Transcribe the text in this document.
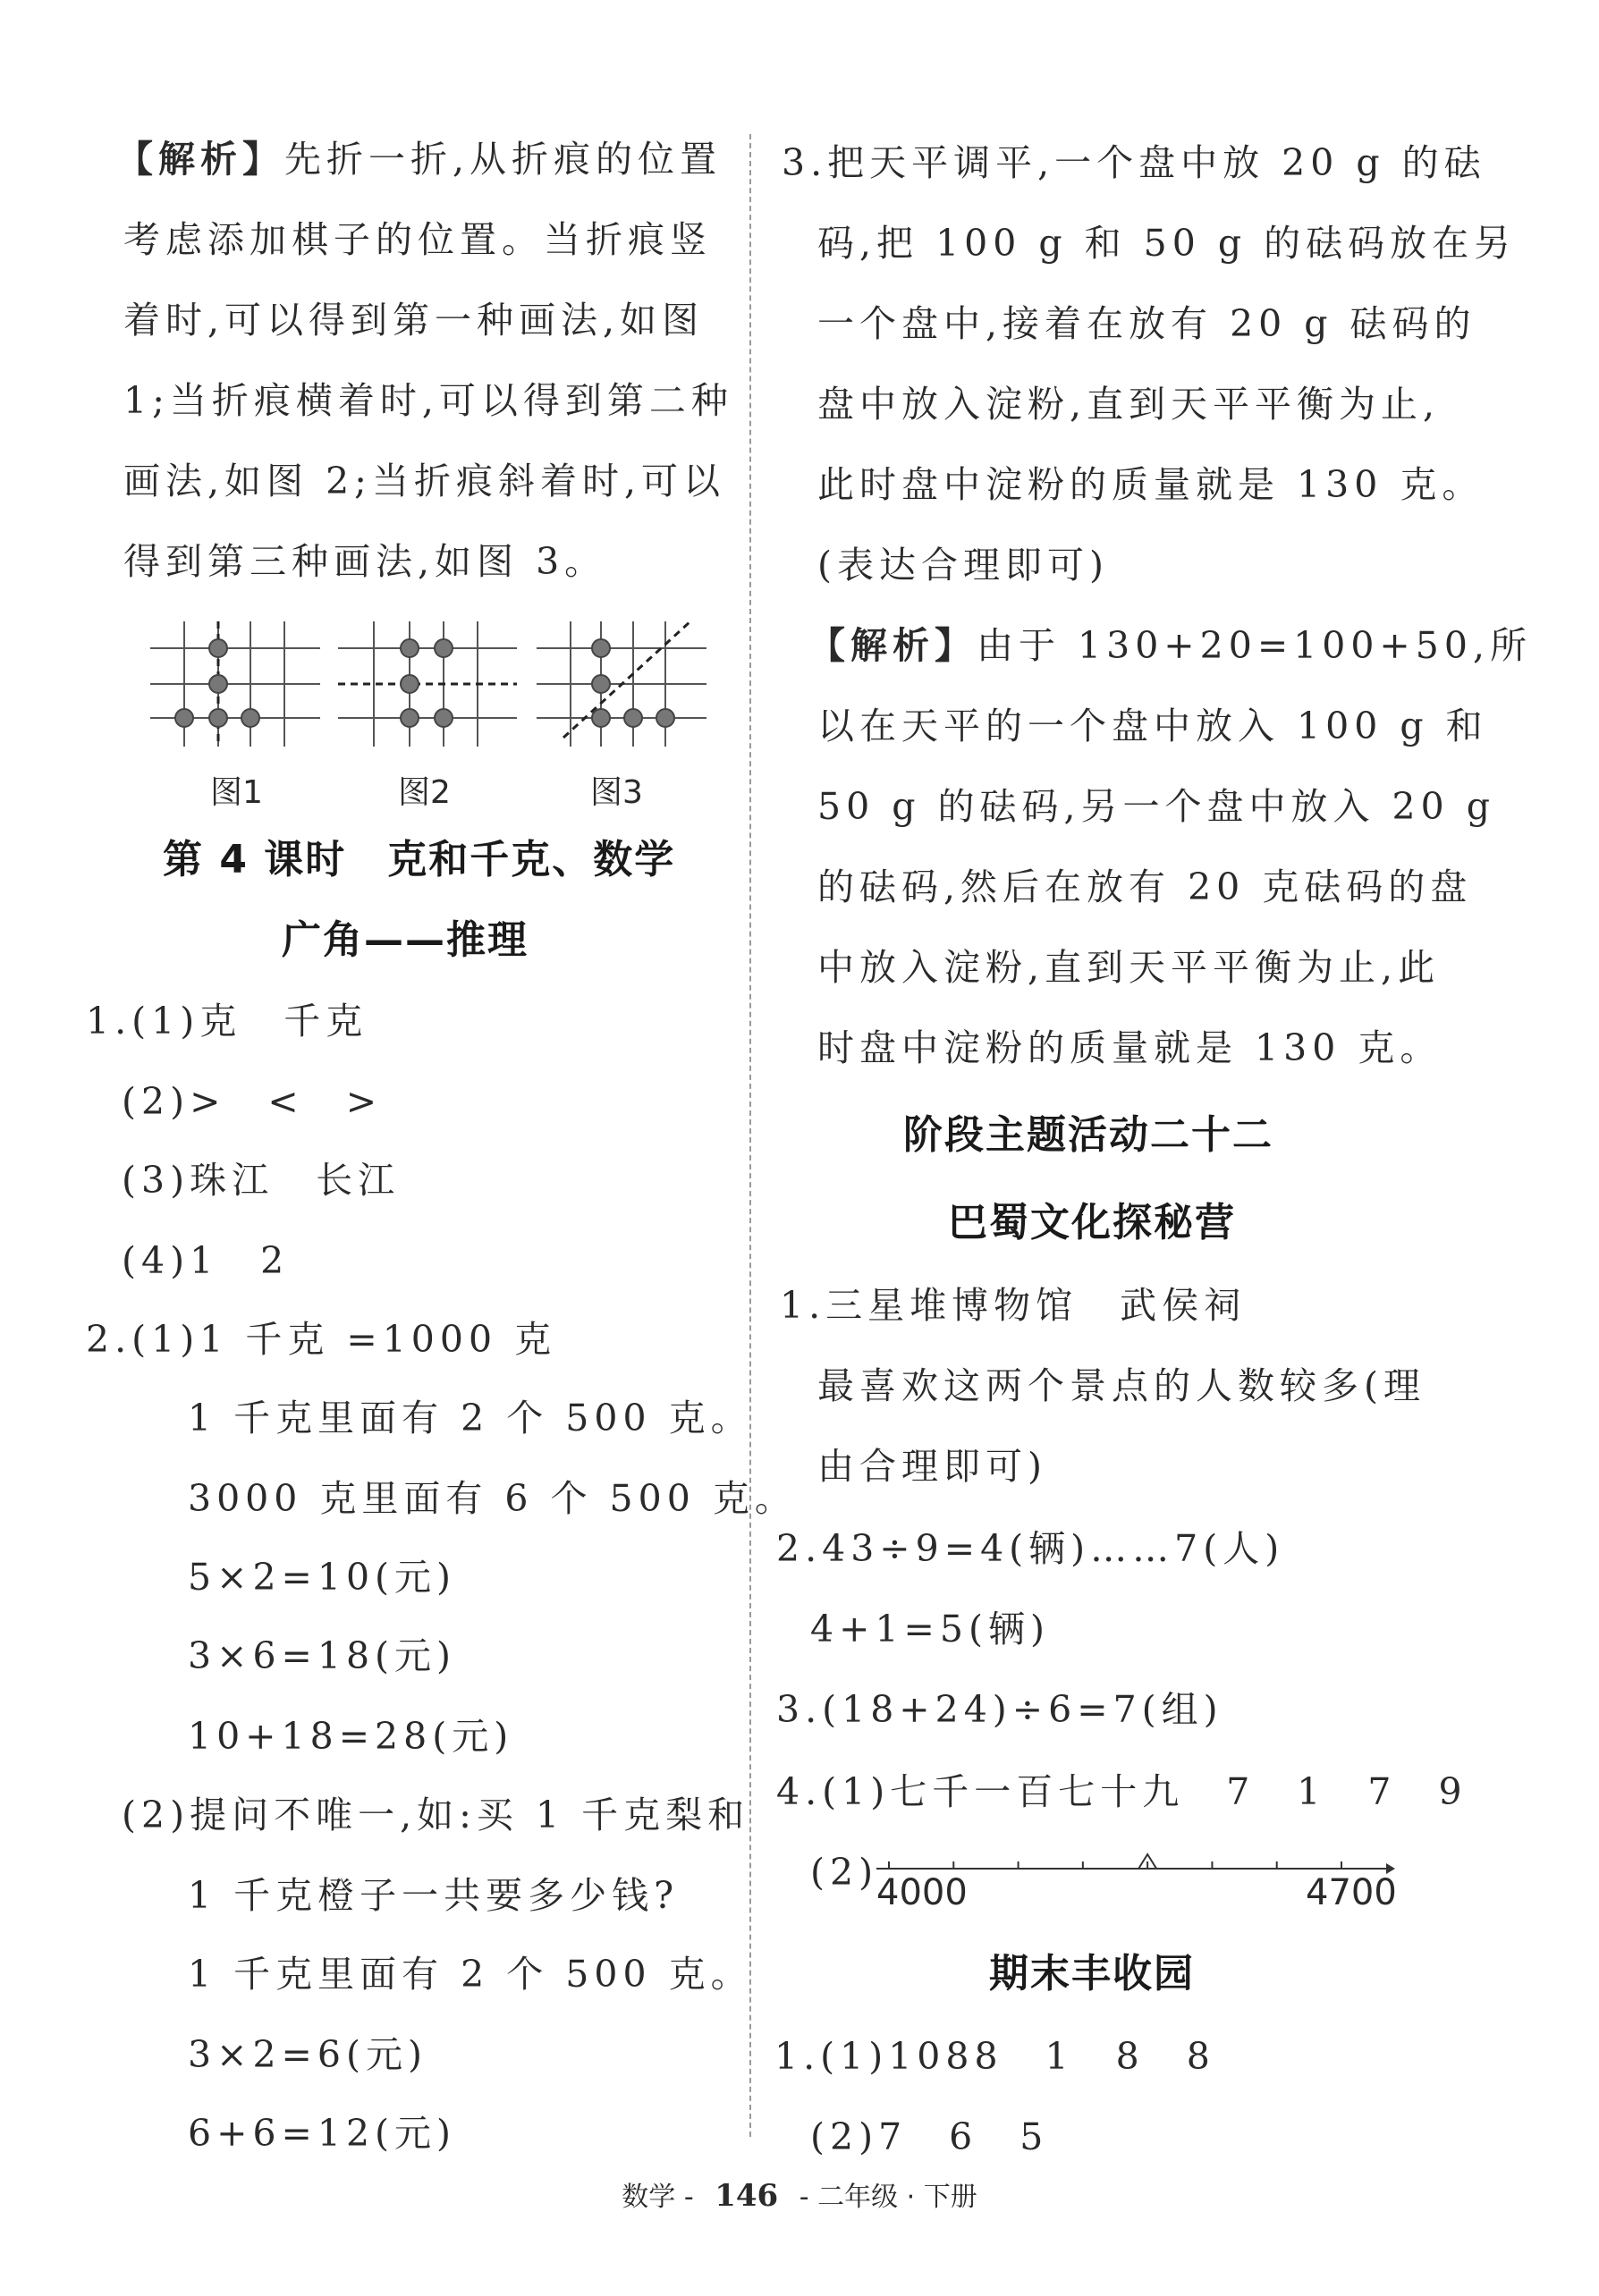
【解析】先折一折,从折痕的位置
考虑添加棋子的位置。当折痕竖
着时,可以得到第一种画法,如图
1;当折痕横着时,可以得到第二种
画法,如图 2;当折痕斜着时,可以
得到第三种画法,如图 3。
图1	图2	图3
第 4 课时　克和千克、数学
广角——推理
1.(1)克　千克
(2)>　<　>
(3)珠江　长江
(4)1　2
2.(1)1 千克 =1000 克
1 千克里面有 2 个 500 克。
3000 克里面有 6 个 500 克。
5×2=10(元)
3×6=18(元)
10+18=28(元)
(2)提问不唯一,如:买 1 千克梨和
1 千克橙子一共要多少钱?
1 千克里面有 2 个 500 克。
3×2=6(元)
6+6=12(元)
3.把天平调平,一个盘中放 20 g 的砝
码,把 100 g 和 50 g 的砝码放在另
一个盘中,接着在放有 20 g 砝码的
盘中放入淀粉,直到天平平衡为止,
此时盘中淀粉的质量就是 130 克。
(表达合理即可)
【解析】由于 130+20=100+50,所
以在天平的一个盘中放入 100 g 和
50 g 的砝码,另一个盘中放入 20 g
的砝码,然后在放有 20 克砝码的盘
中放入淀粉,直到天平平衡为止,此
时盘中淀粉的质量就是 130 克。
阶段主题活动二十二
巴蜀文化探秘营
1.三星堆博物馆　武侯祠
最喜欢这两个景点的人数较多(理
由合理即可)
2.43÷9=4(辆)……7(人)
4+1=5(辆)
3.(18+24)÷6=7(组)
4.(1)七千一百七十九　7　1　7　9
(2)
4000	4700
期末丰收园
1.(1)1088　1　8　8
(2)7　6　5
数学 - 146 - 二年级 · 下册
